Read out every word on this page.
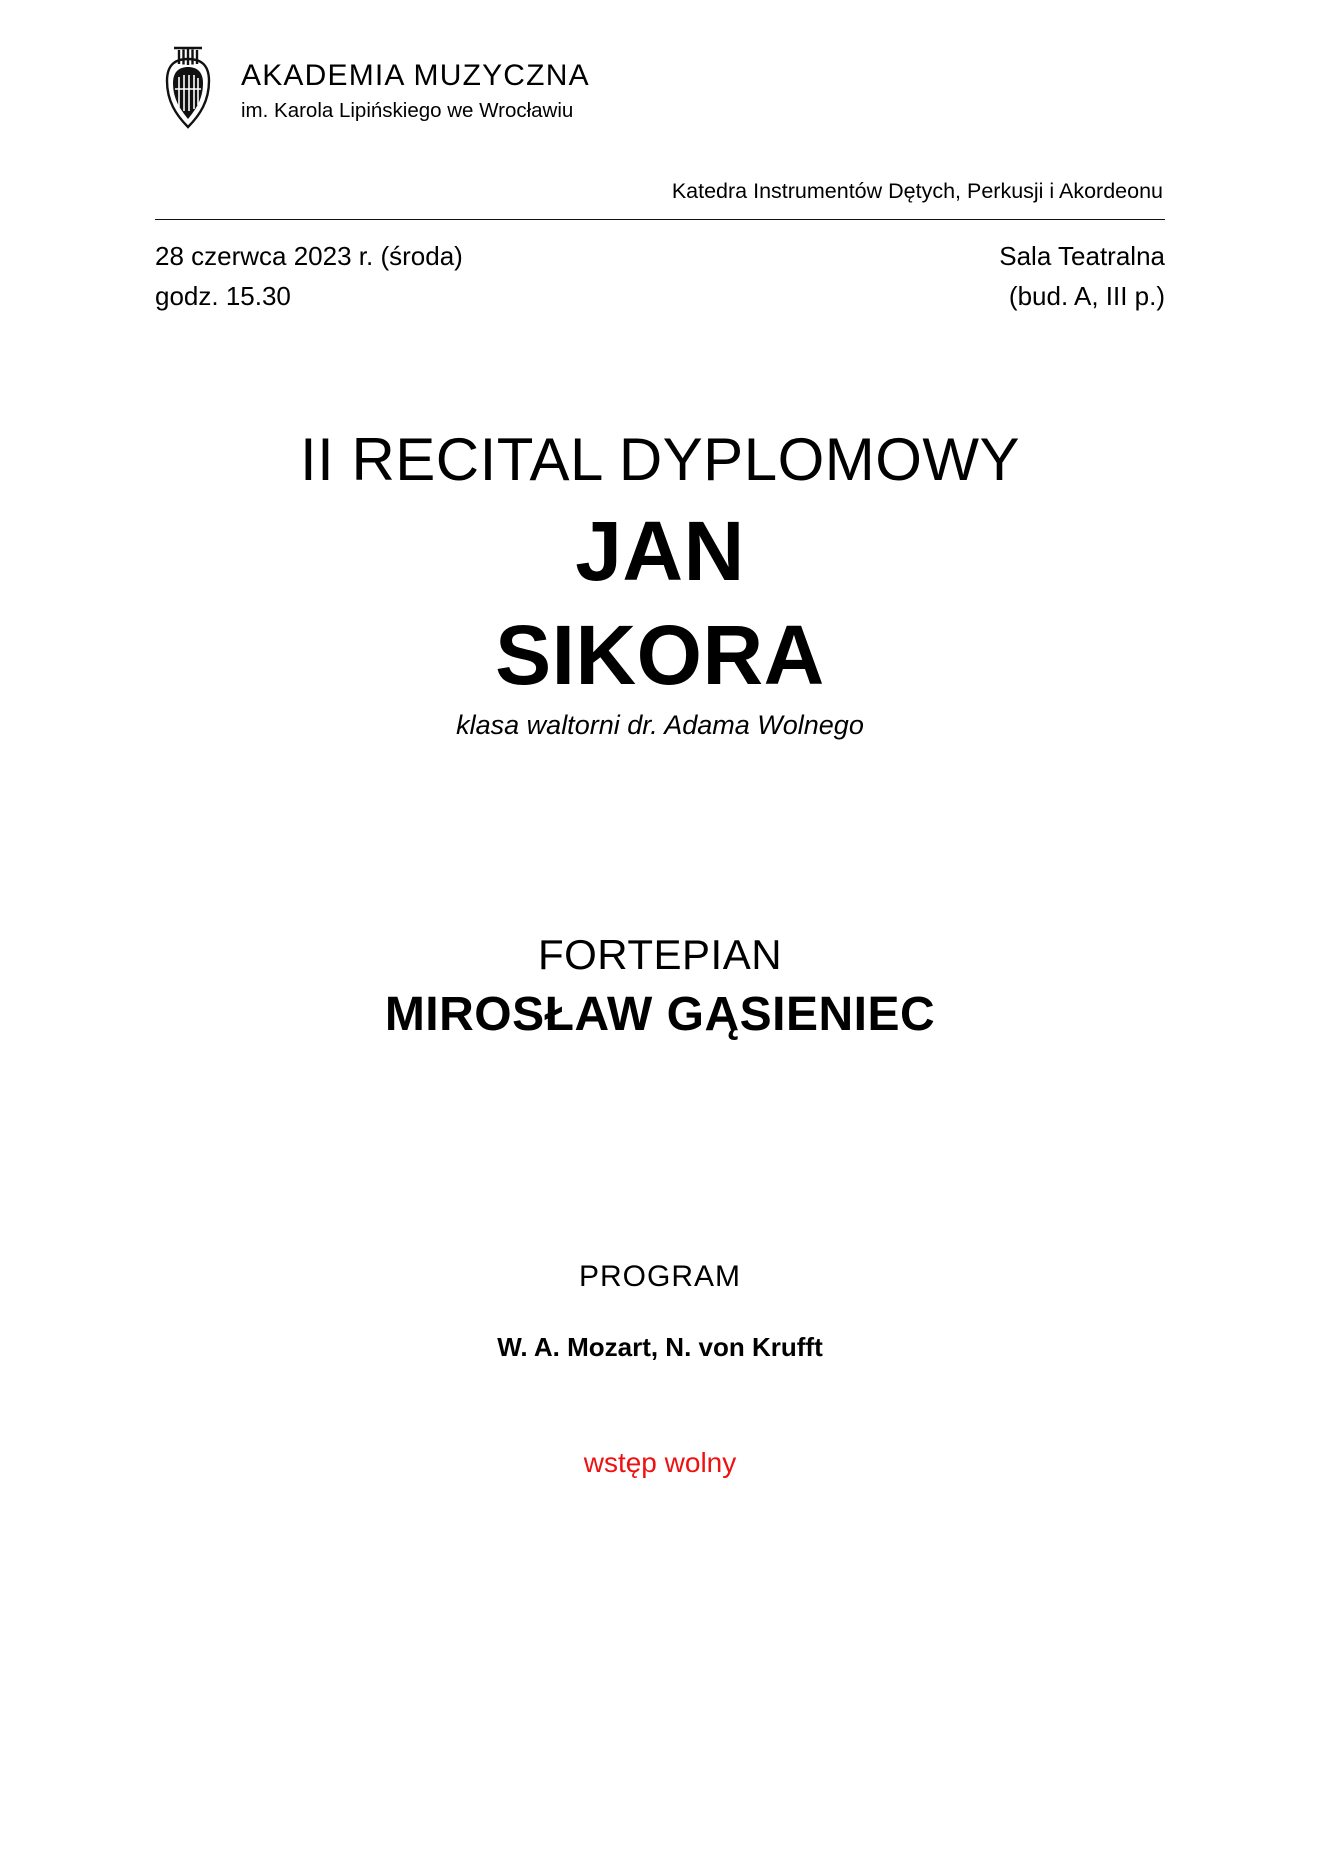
AKADEMIA MUZYCZNA
im. Karola Lipińskiego we Wrocławiu
Katedra Instrumentów Dętych, Perkusji i Akordeonu
28 czerwca 2023 r. (środa)
godz. 15.30
Sala Teatralna
(bud. A, III p.)
II RECITAL DYPLOMOWY
JAN
SIKORA
klasa waltorni dr. Adama Wolnego
FORTEPIAN
MIROSŁAW GĄSIENIEC
PROGRAM
W. A. Mozart, N. von Krufft
wstęp wolny
